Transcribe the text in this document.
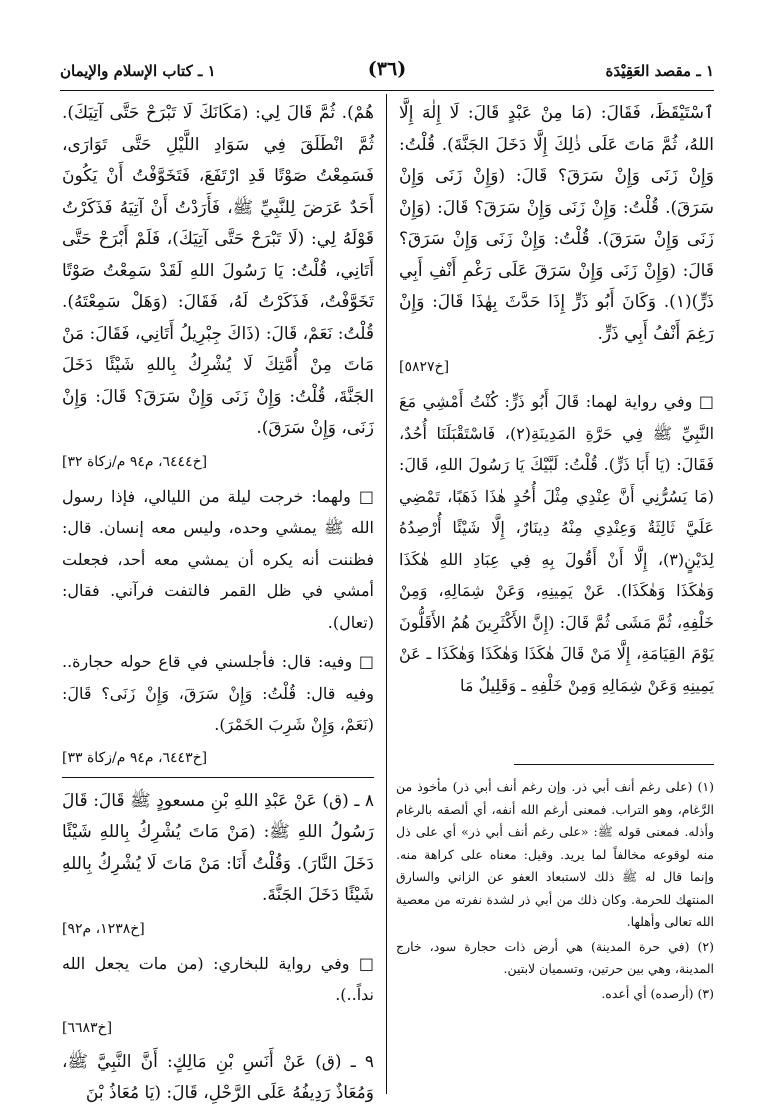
١ ـ مقصد العَقِيْدَة
(٣٦)
١ ـ كتاب الإسلام والإيمان

ٱسْتَيْقَظَ، فَقَالَ: (مَا مِنْ عَبْدٍ قَالَ: لَا إِلٰهَ إِلَّا اللهُ، ثُمَّ مَاتَ عَلَى ذٰلِكَ إِلَّا دَخَلَ الجَنَّةَ). قُلْتُ: وَإِنْ زَنَى وَإِنْ سَرَقَ؟ قَالَ: (وَإِنْ زَنَى وَإِنْ سَرَقَ). قُلْتُ: وَإِنْ زَنَى وَإِنْ سَرَقَ؟ قَالَ: (وَإِنْ زَنَى وَإِنْ سَرَقَ). قُلْتُ: وَإِنْ زَنَى وَإِنْ سَرَقَ؟ قَالَ: (وَإِنْ زَنَى وَإِنْ سَرَقَ عَلَى رَغْمِ أَنْفِ أَبِي ذَرٍّ)(١). وَكَانَ أَبُو ذَرٍّ إِذَا حَدَّثَ بِهٰذَا قَالَ: وَإِنْ رَغِمَ أَنْفُ أَبِي ذَرٍّ.

[خ٥٨٢٧]

□ وفي رواية لهما: قَالَ أَبُو ذَرٍّ: كُنْتُ أَمْشِي مَعَ النَّبِيِّ ﷺ فِي حَرَّةِ المَدِينَةِ(٢)، فَاسْتَقْبَلَنَا أُحُدٌ، فَقَالَ: (يَا أَبَا ذَرٍّ). قُلْتُ: لَبَّيْكَ يَا رَسُولَ اللهِ، قَالَ: (مَا يَسُرُّنِي أَنَّ عِنْدِي مِثْلَ أُحُدٍ هٰذَا ذَهَبًا، تَمْضِي عَلَيَّ ثَالِثَةٌ وَعِنْدِي مِنْهُ دِينَارٌ، إِلَّا شَيْئًا أُرْصِدُهُ لِدَيْنٍ(٣)، إِلَّا أَنْ أَقُولَ بِهِ فِي عِبَادِ اللهِ هٰكَذَا وَهٰكَذَا وَهٰكَذَا). عَنْ يَمِينِهِ، وَعَنْ شِمَالِهِ، وَمِنْ خَلْفِهِ، ثُمَّ مَشَى ثُمَّ قَالَ: (إِنَّ الأَكْثَرِينَ هُمُ الأَقَلُّونَ يَوْمَ القِيَامَةِ، إِلَّا مَنْ قَالَ هٰكَذَا وَهٰكَذَا وَهٰكَذَا ـ عَنْ يَمِينِهِ وَعَنْ شِمَالِهِ وَمِنْ خَلْفِهِ ـ وَقَلِيلٌ مَا

(١) (على رغم أنف أبي ذر. وإن رغم أنف أبي ذر) مأخوذ من الرَّغام، وهو التراب. فمعنى أرغم الله أنفه، أي ألصقه بالرغام وأذله. فمعنى قوله ﷺ: «على رغم أنف أبي ذر» أي على ذل منه لوقوعه مخالفاً لما يريد. وقيل: معناه على كراهة منه. وإنما قال له ﷺ ذلك لاستبعاد العفو عن الزاني والسارق المنتهك للحرمة. وكان ذلك من أبي ذر لشدة نفرته من معصية الله تعالى وأهلها.

(٢) (في حرة المدينة) هي أرض ذات حجارة سود، خارج المدينة، وهي بين حرتين، وتسميان لابتين.

(٣) (أرصده) أي أعده.

هُمْ). ثُمَّ قَالَ لِي: (مَكَانَكَ لَا تَبْرَحْ حَتَّى آتِيَكَ). ثُمَّ انْطَلَقَ فِي سَوَادِ اللَّيْلِ حَتَّى تَوَارَى، فَسَمِعْتُ صَوْتًا قَدِ ارْتَفَعَ، فَتَخَوَّفْتُ أَنْ يَكُونَ أَحَدٌ عَرَضَ لِلنَّبِيِّ ﷺ، فَأَرَدْتُ أَنْ آتِيَهُ فَذَكَرْتُ قَوْلَهُ لِي: (لَا تَبْرَحْ حَتَّى آتِيَكَ)، فَلَمْ أَبْرَحْ حَتَّى أَتَانِي، قُلْتُ: يَا رَسُولَ اللهِ لَقَدْ سَمِعْتُ صَوْتًا تَخَوَّفْتُ، فَذَكَرْتُ لَهُ، فَقَالَ: (وَهَلْ سَمِعْتَهُ). قُلْتُ: نَعَمْ، قَالَ: (ذَاكَ جِبْرِيلُ أَتَانِي، فَقَالَ: مَنْ مَاتَ مِنْ أُمَّتِكَ لَا يُشْرِكُ بِاللهِ شَيْئًا دَخَلَ الجَنَّةَ، قُلْتُ: وَإِنْ زَنَى وَإِنْ سَرَقَ؟ قَالَ: وَإِنْ زَنَى، وَإِنْ سَرَقَ).

[خ٦٤٤٤، م٩٤ م/زكاة ٣٢]

□ ولهما: خرجت ليلة من الليالي، فإذا رسول الله ﷺ يمشي وحده، وليس معه إنسان. قال: فظننت أنه يكره أن يمشي معه أحد، فجعلت أمشي في ظل القمر فالتفت فرآني. فقال: (تعال).

□ وفيه: قال: فأجلسني في قاع حوله حجارة.. وفيه قال: قُلْتُ: وَإِنْ سَرَقَ، وَإِنْ زَنَى؟ قَالَ: (نَعَمْ، وَإِنْ شَرِبَ الخَمْرَ).

[خ٦٤٤٣، م٩٤ م/زكاة ٣٣]

٨ ـ (ق) عَنْ عَبْدِ اللهِ بْنِ مسعودٍ ﷺ قَالَ: قَالَ رَسُولُ اللهِ ﷺ: (مَنْ مَاتَ يُشْرِكُ بِاللهِ شَيْئًا دَخَلَ النَّارَ). وَقُلْتُ أَنَا: مَنْ مَاتَ لَا يُشْرِكُ بِاللهِ شَيْئًا دَخَلَ الجَنَّةَ.

[خ١٢٣٨، م٩٢]

□ وفي رواية للبخاري: (من مات يجعل الله نداً..).

[خ٦٦٨٣]

٩ ـ (ق) عَنْ أَنَسِ بْنِ مَالِكٍ: أَنَّ النَّبِيَّ ﷺ، وَمُعَاذٌ رَدِيفُهُ عَلَى الرَّحْلِ، قَالَ: (يَا مُعَاذُ بْنَ
